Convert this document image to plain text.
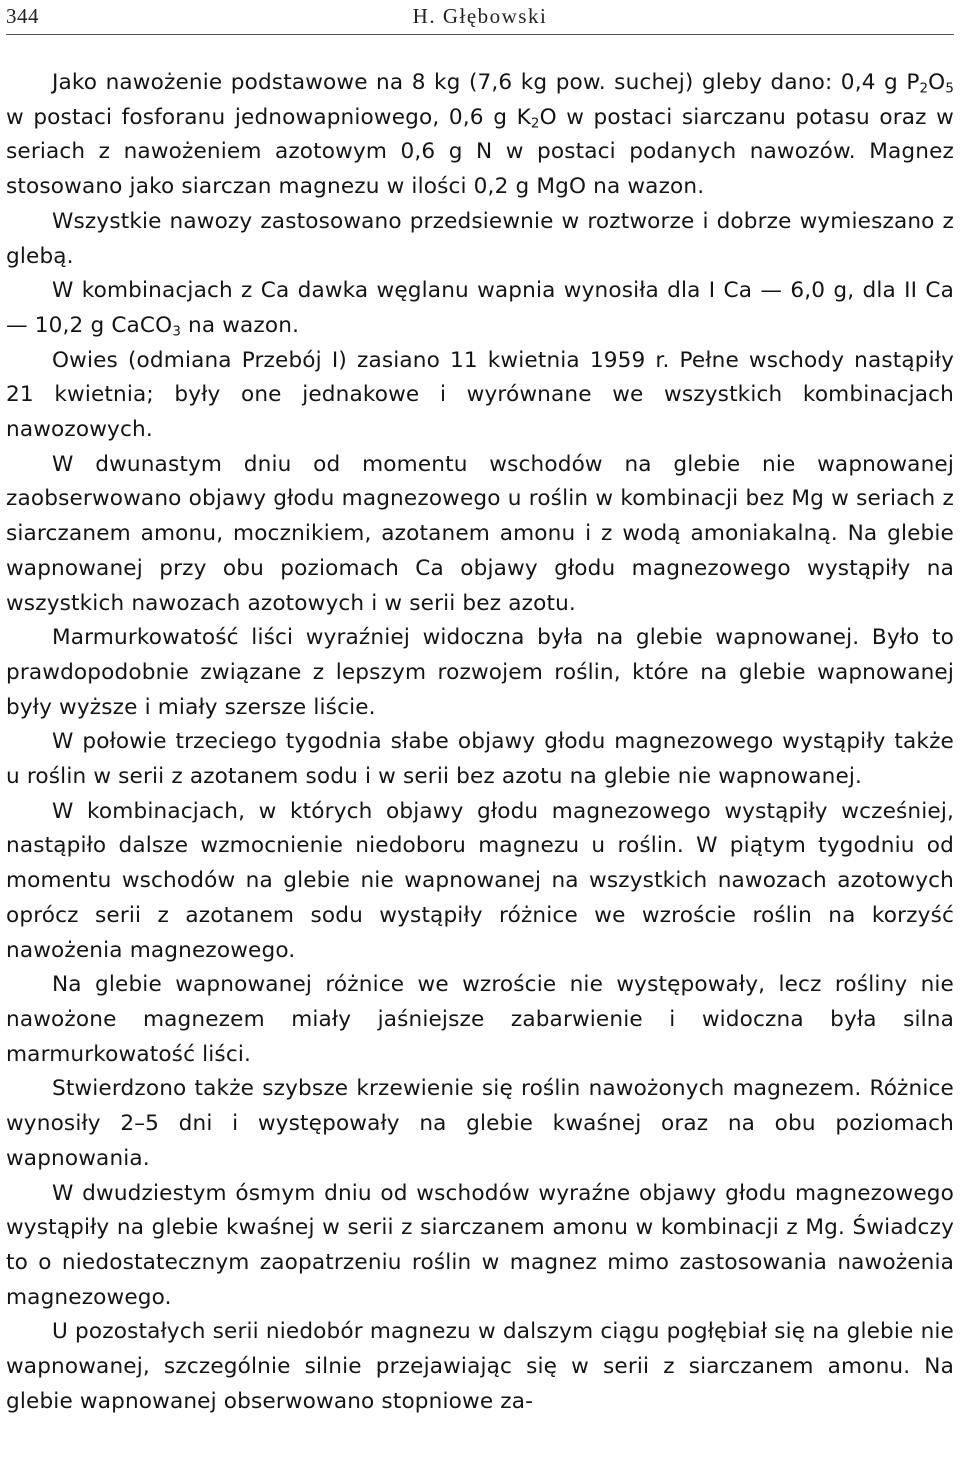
344	H. Głębowski

Jako nawożenie podstawowe na 8 kg (7,6 kg pow. suchej) gleby dano: 0,4 g $P_2O_5$ w postaci fosforanu jednowapniowego, 0,6 g $K_2O$ w postaci siarczanu potasu oraz w seriach z nawożeniem azotowym 0,6 g N w postaci podanych nawozów. Magnez stosowano jako siarczan magnezu w ilości 0,2 g MgO na wazon.

Wszystkie nawozy zastosowano przedsiewnie w roztworze i dobrze wymieszano z glebą.

W kombinacjach z Ca dawka węglanu wapnia wynosiła dla I Ca — 6,0 g, dla II Ca — 10,2 g CaCO$_3$ na wazon.

Owies (odmiana Przebój I) zasiano 11 kwietnia 1959 r. Pełne wschody nastąpiły 21 kwietnia; były one jednakowe i wyrównane we wszystkich kombinacjach nawozowych.

W dwunastym dniu od momentu wschodów na glebie nie wapnowanej zaobserwowano objawy głodu magnezowego u roślin w kombinacji bez Mg w seriach z siarczanem amonu, mocznikiem, azotanem amonu i z wodą amoniakalną. Na glebie wapnowanej przy obu poziomach Ca objawy głodu magnezowego wystąpiły na wszystkich nawozach azotowych i w serii bez azotu.

Marmurkowatość liści wyraźniej widoczna była na glebie wapnowanej. Było to prawdopodobnie związane z lepszym rozwojem roślin, które na glebie wapnowanej były wyższe i miały szersze liście.

W połowie trzeciego tygodnia słabe objawy głodu magnezowego wystąpiły także u roślin w serii z azotanem sodu i w serii bez azotu na glebie nie wapnowanej.

W kombinacjach, w których objawy głodu magnezowego wystąpiły wcześniej, nastąpiło dalsze wzmocnienie niedoboru magnezu u roślin. W piątym tygodniu od momentu wschodów na glebie nie wapnowanej na wszystkich nawozach azotowych oprócz serii z azotanem sodu wystąpiły różnice we wzroście roślin na korzyść nawożenia magnezowego.

Na glebie wapnowanej różnice we wzroście nie występowały, lecz rośliny nie nawożone magnezem miały jaśniejsze zabarwienie i widoczna była silna marmurkowatość liści.

Stwierdzono także szybsze krzewienie się roślin nawożonych magnezem. Różnice wynosiły 2–5 dni i występowały na glebie kwaśnej oraz na obu poziomach wapnowania.

W dwudziestym ósmym dniu od wschodów wyraźne objawy głodu magnezowego wystąpiły na glebie kwaśnej w serii z siarczanem amonu w kombinacji z Mg. Świadczy to o niedostatecznym zaopatrzeniu roślin w magnez mimo zastosowania nawożenia magnezowego.

U pozostałych serii niedobór magnezu w dalszym ciągu pogłębiał się na glebie nie wapnowanej, szczególnie silnie przejawiając się w serii z siarczanem amonu. Na glebie wapnowanej obserwowano stopniowe za-
